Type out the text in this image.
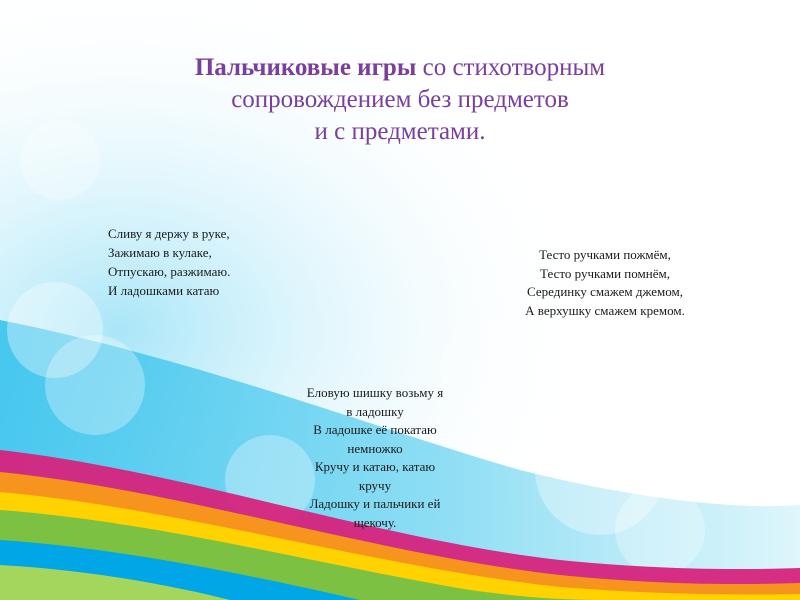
Пальчиковые игры со стихотворным
сопровождением без предметов
и с предметами.
Сливу я держу в руке,
Зажимаю в кулаке,
Отпускаю, разжимаю.
И ладошками катаю
Тесто ручками пожмём,
Тесто ручками помнём,
Серединку смажем джемом,
А верхушку смажем кремом.
Еловую шишку возьму я
в ладошку
В ладошке её покатаю
немножко
Кручу и катаю, катаю
кручу
Ладошку и пальчики ей
щекочу.
